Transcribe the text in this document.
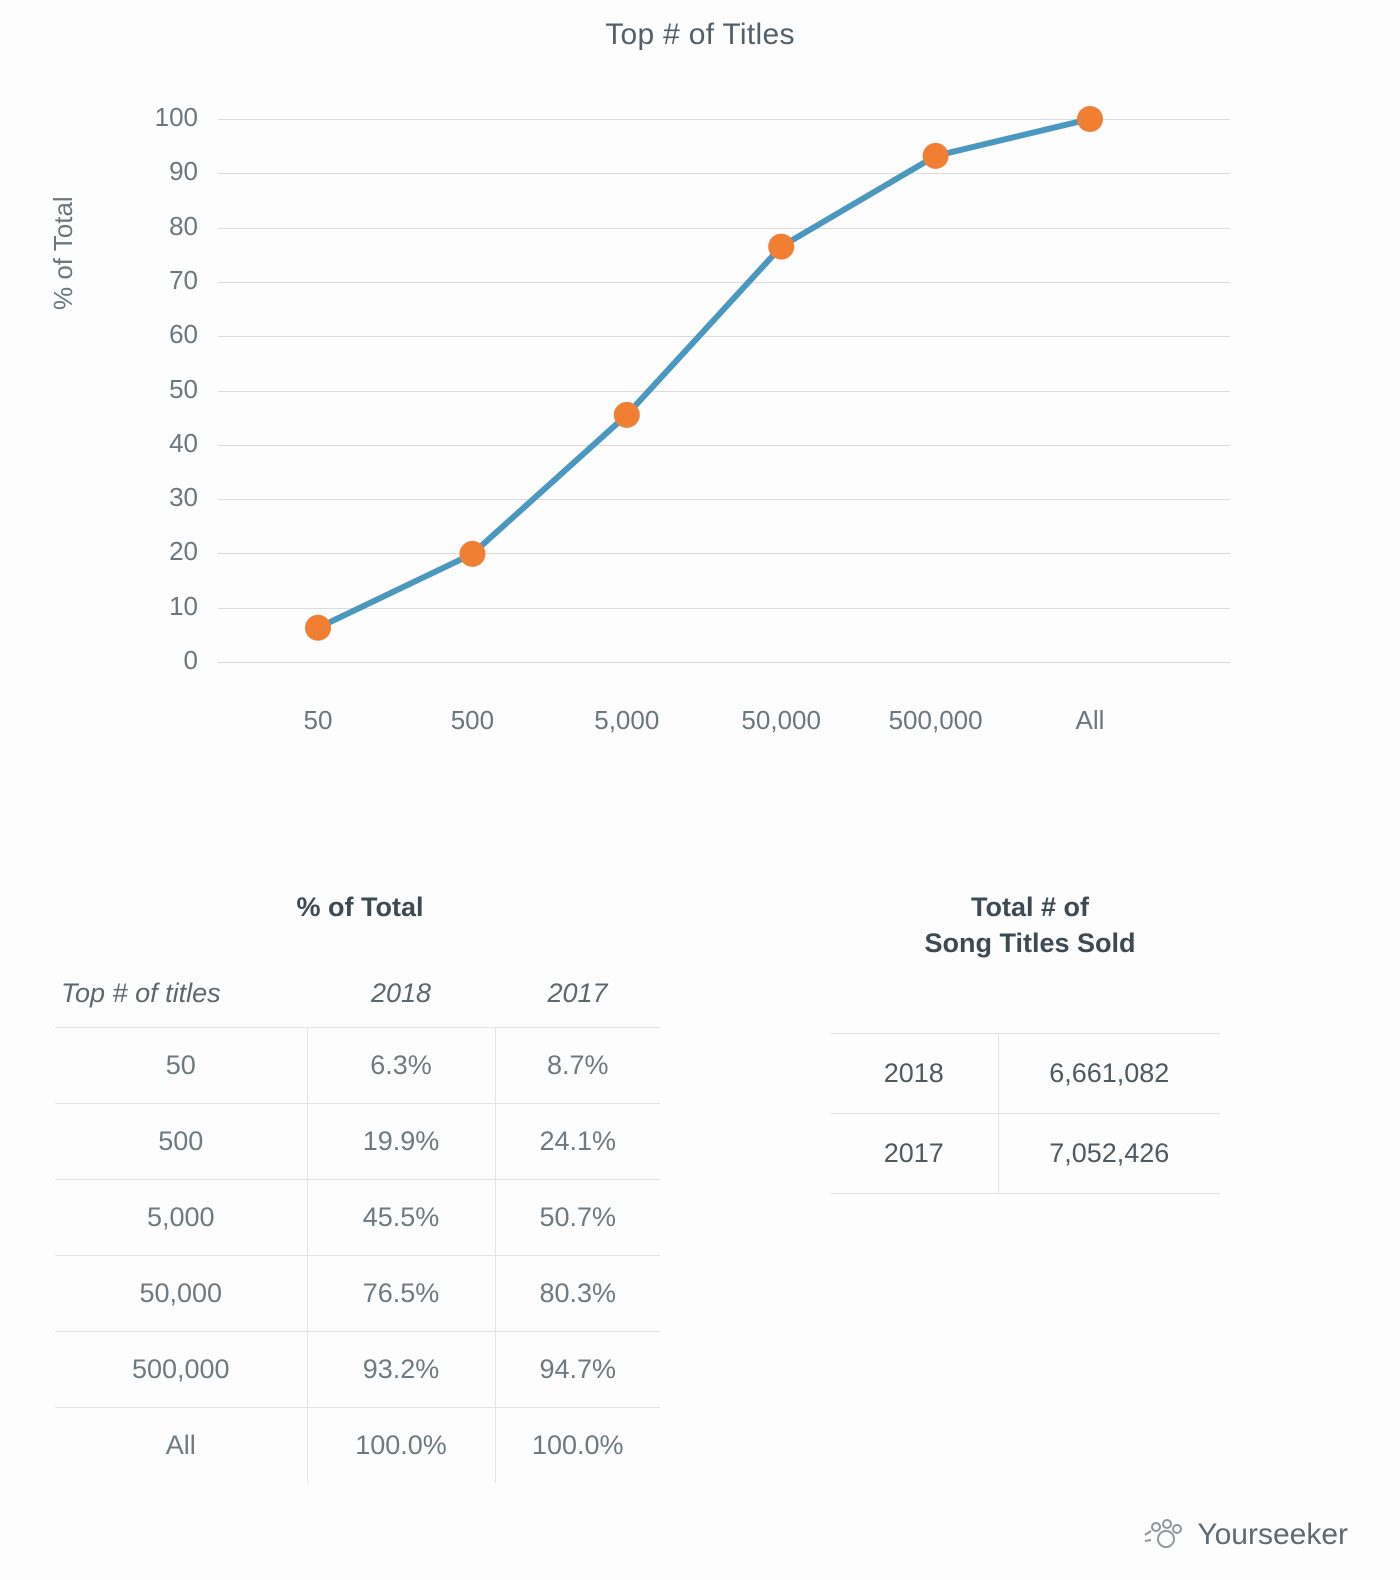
Top # of Titles
% of Total
50	500	5,000	50,000	500,000	All
0
10
20
30
40
50
60
70
80
90
100
% of Total
Top # of titles	2018	2017
50	6.3%	8.7%
500	19.9%	24.1%
5,000	45.5%	50.7%
50,000	76.5%	80.3%
500,000	93.2%	94.7%
All	100.0%	100.0%
Total # of
Song Titles Sold
2018	6,661,082
2017	7,052,426
Yourseeker
